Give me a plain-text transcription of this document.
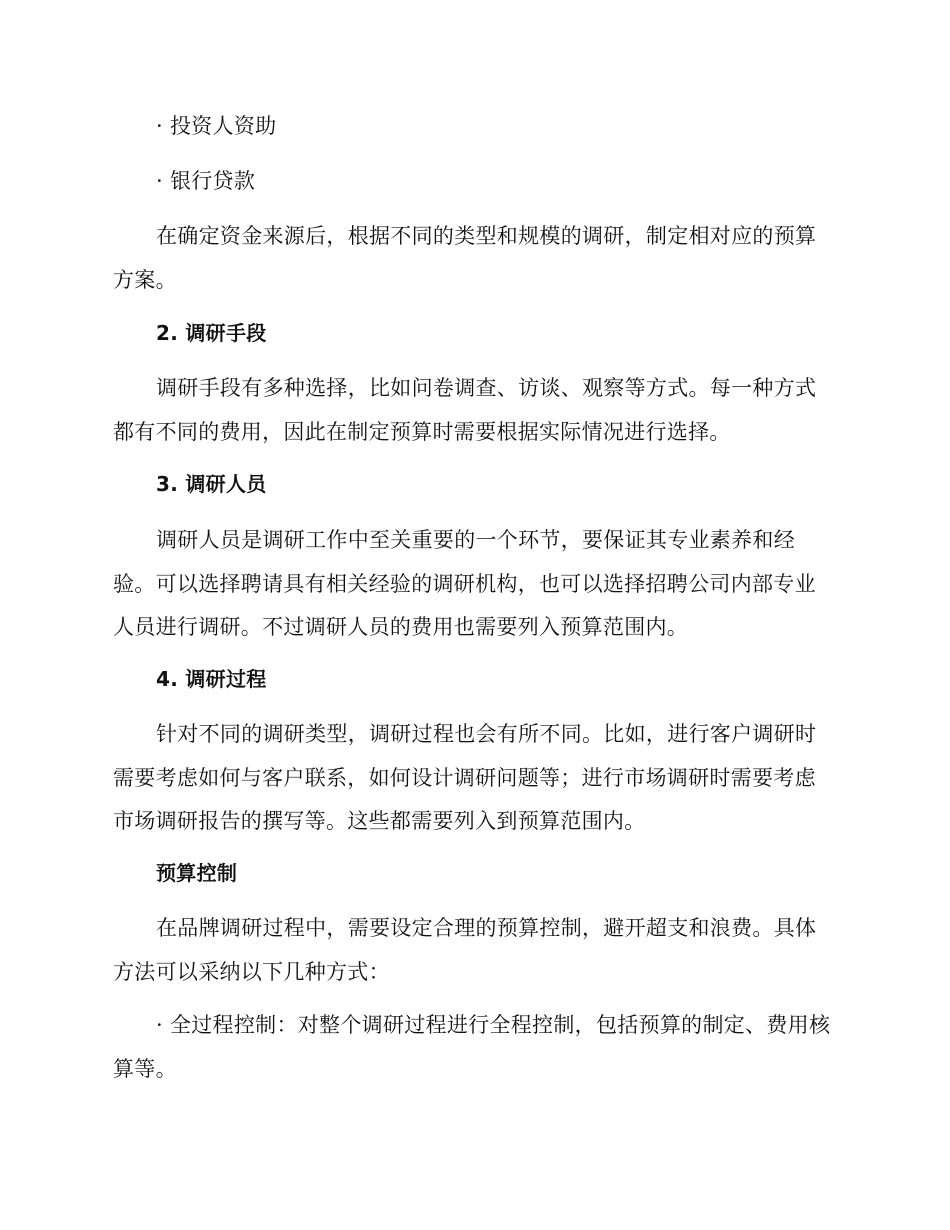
· 投资人资助

· 银行贷款

在确定资金来源后，根据不同的类型和规模的调研，制定相对应的预算方案。

2. 调研手段

调研手段有多种选择，比如问卷调查、访谈、观察等方式。每一种方式都有不同的费用，因此在制定预算时需要根据实际情况进行选择。

3. 调研人员

调研人员是调研工作中至关重要的一个环节，要保证其专业素养和经验。可以选择聘请具有相关经验的调研机构，也可以选择招聘公司内部专业人员进行调研。不过调研人员的费用也需要列入预算范围内。

4. 调研过程

针对不同的调研类型，调研过程也会有所不同。比如，进行客户调研时需要考虑如何与客户联系，如何设计调研问题等；进行市场调研时需要考虑市场调研报告的撰写等。这些都需要列入到预算范围内。

预算控制

在品牌调研过程中，需要设定合理的预算控制，避开超支和浪费。具体方法可以采纳以下几种方式：

· 全过程控制：对整个调研过程进行全程控制，包括预算的制定、费用核算等。
